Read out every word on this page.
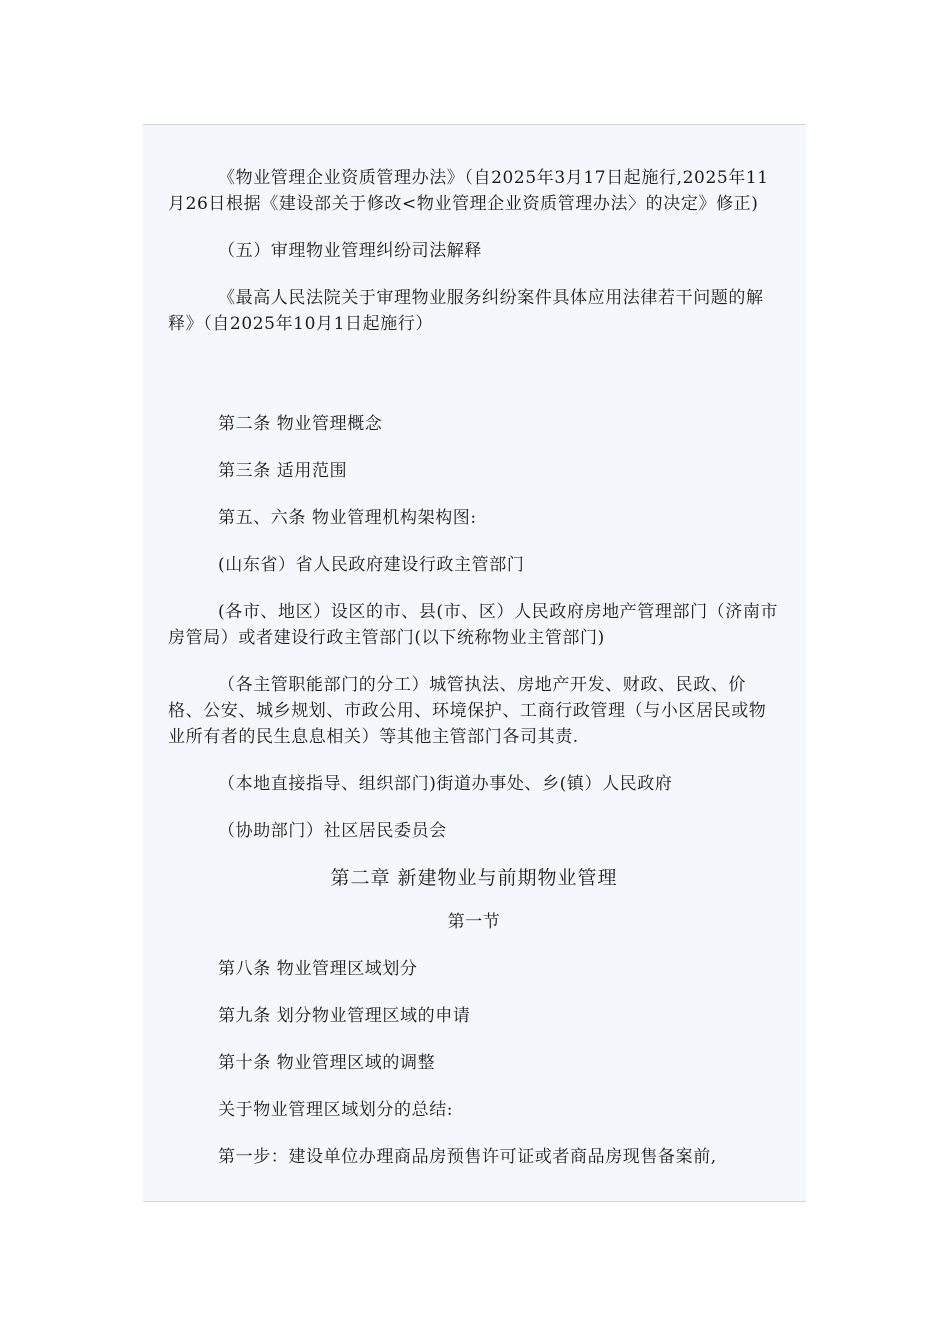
《物业管理企业资质管理办法》（自2025年3月17日起施行,2025年11月26日根据《建设部关于修改<物业管理企业资质管理办法〉的决定》修正)

（五）审理物业管理纠纷司法解释

《最高人民法院关于审理物业服务纠纷案件具体应用法律若干问题的解释》（自2025年10月1日起施行）

第二条 物业管理概念

第三条 适用范围

第五、六条 物业管理机构架构图:

(山东省）省人民政府建设行政主管部门

(各市、地区）设区的市、县(市、区）人民政府房地产管理部门（济南市房管局）或者建设行政主管部门(以下统称物业主管部门)

（各主管职能部门的分工）城管执法、房地产开发、财政、民政、价格、公安、城乡规划、市政公用、环境保护、工商行政管理（与小区居民或物业所有者的民生息息相关）等其他主管部门各司其责.

（本地直接指导、组织部门)街道办事处、乡(镇）人民政府

（协助部门）社区居民委员会

第二章 新建物业与前期物业管理
第一节

第八条 物业管理区域划分

第九条 划分物业管理区域的申请

第十条 物业管理区域的调整

关于物业管理区域划分的总结:

第一步：建设单位办理商品房预售许可证或者商品房现售备案前,
